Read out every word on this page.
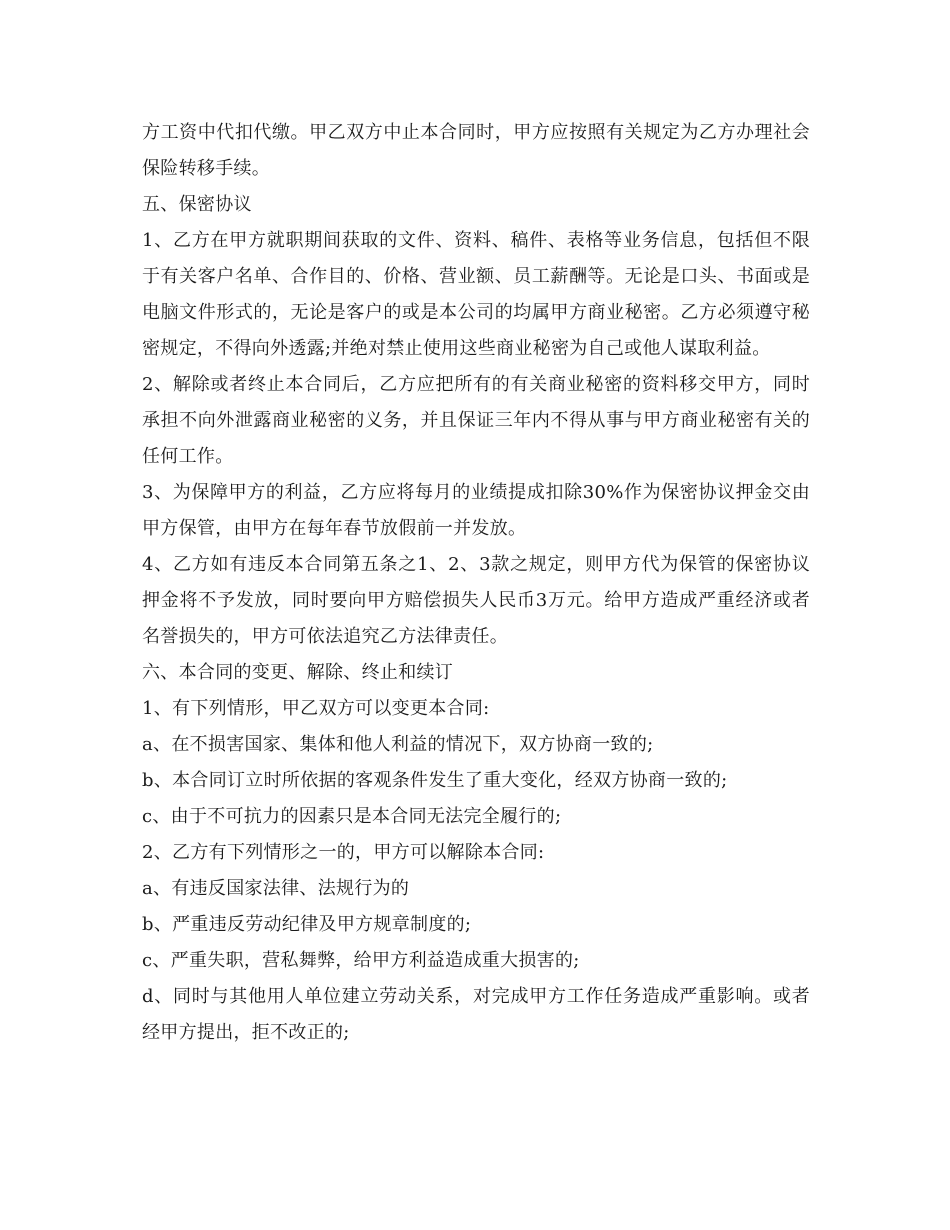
方工资中代扣代缴。甲乙双方中止本合同时，甲方应按照有关规定为乙方办理社会保险转移手续。

五、保密协议

1、乙方在甲方就职期间获取的文件、资料、稿件、表格等业务信息，包括但不限于有关客户名单、合作目的、价格、营业额、员工薪酬等。无论是口头、书面或是电脑文件形式的，无论是客户的或是本公司的均属甲方商业秘密。乙方必须遵守秘密规定，不得向外透露;并绝对禁止使用这些商业秘密为自己或他人谋取利益。

2、解除或者终止本合同后，乙方应把所有的有关商业秘密的资料移交甲方，同时承担不向外泄露商业秘密的义务，并且保证三年内不得从事与甲方商业秘密有关的任何工作。

3、为保障甲方的利益，乙方应将每月的业绩提成扣除30%作为保密协议押金交由甲方保管，由甲方在每年春节放假前一并发放。

4、乙方如有违反本合同第五条之1、2、3款之规定，则甲方代为保管的保密协议押金将不予发放，同时要向甲方赔偿损失人民币3万元。给甲方造成严重经济或者名誉损失的，甲方可依法追究乙方法律责任。

六、本合同的变更、解除、终止和续订

1、有下列情形，甲乙双方可以变更本合同:

a、在不损害国家、集体和他人利益的情况下，双方协商一致的;

b、本合同订立时所依据的客观条件发生了重大变化，经双方协商一致的;

c、由于不可抗力的因素只是本合同无法完全履行的;

2、乙方有下列情形之一的，甲方可以解除本合同:

a、有违反国家法律、法规行为的

b、严重违反劳动纪律及甲方规章制度的;

c、严重失职，营私舞弊，给甲方利益造成重大损害的;

d、同时与其他用人单位建立劳动关系，对完成甲方工作任务造成严重影响。或者经甲方提出，拒不改正的;
